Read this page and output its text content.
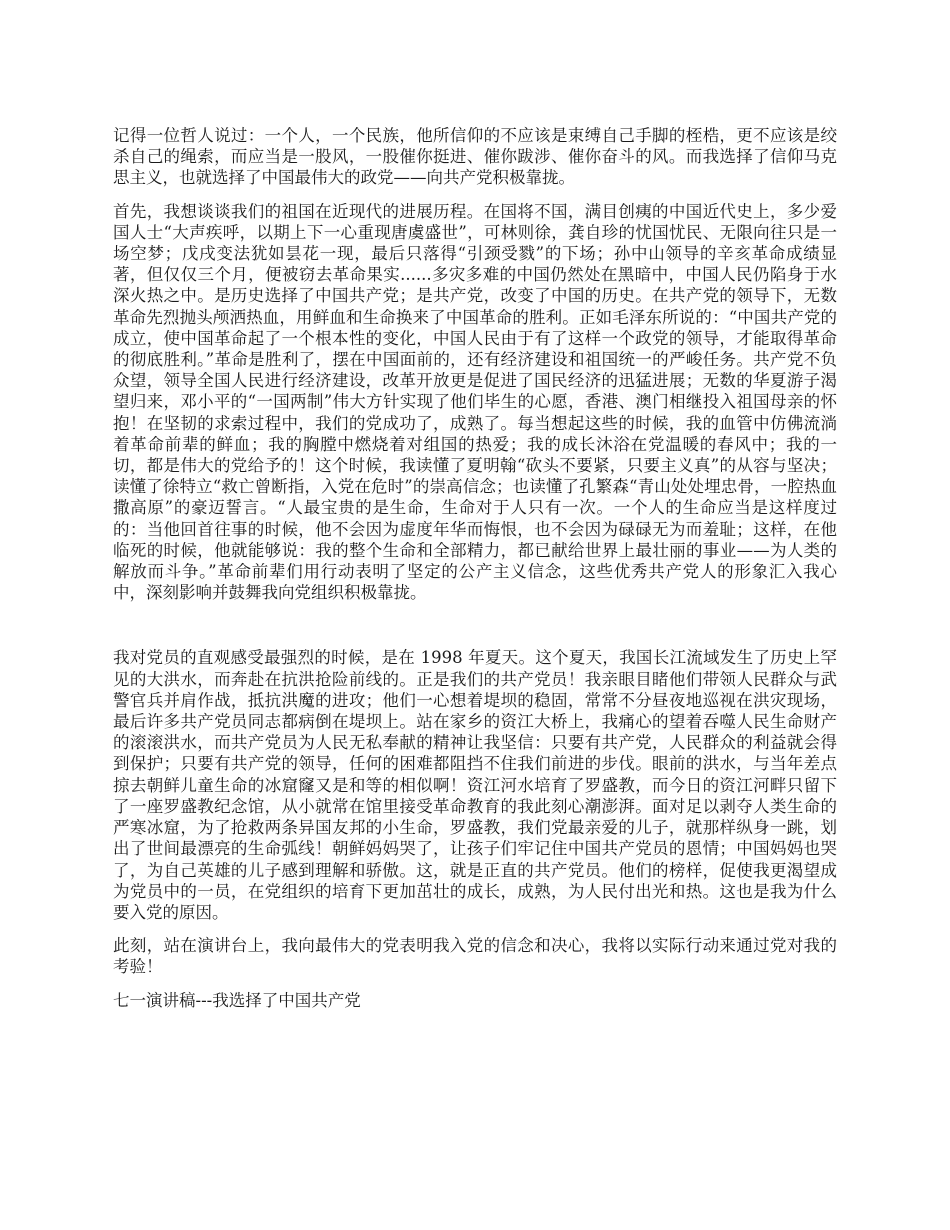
记得一位哲人说过：一个人，一个民族，他所信仰的不应该是束缚自己手脚的桎梏，更不应该是绞杀自己的绳索，而应当是一股风，一股催你挺进、催你跋涉、催你奋斗的风。而我选择了信仰马克思主义，也就选择了中国最伟大的政党——向共产党积极靠拢。

首先，我想谈谈我们的祖国在近现代的进展历程。在国将不国，满目创痍的中国近代史上，多少爱国人士“大声疾呼，以期上下一心重现唐虞盛世”，可林则徐，龚自珍的忧国忧民、无限向往只是一场空梦；戊戌变法犹如昙花一现，最后只落得“引颈受戮”的下场；孙中山领导的辛亥革命成绩显著，但仅仅三个月，便被窃去革命果实......多灾多难的中国仍然处在黑暗中，中国人民仍陷身于水深火热之中。是历史选择了中国共产党；是共产党，改变了中国的历史。在共产党的领导下，无数革命先烈抛头颅洒热血，用鲜血和生命换来了中国革命的胜利。正如毛泽东所说的：“中国共产党的成立，使中国革命起了一个根本性的变化，中国人民由于有了这样一个政党的领导，才能取得革命的彻底胜利。”革命是胜利了，摆在中国面前的，还有经济建设和祖国统一的严峻任务。共产党不负众望，领导全国人民进行经济建设，改革开放更是促进了国民经济的迅猛进展；无数的华夏游子渴望归来，邓小平的“一国两制”伟大方针实现了他们毕生的心愿，香港、澳门相继投入祖国母亲的怀抱！在坚韧的求索过程中，我们的党成功了，成熟了。每当想起这些的时候，我的血管中仿佛流淌着革命前辈的鲜血；我的胸膛中燃烧着对组国的热爱；我的成长沐浴在党温暖的春风中；我的一切，都是伟大的党给予的！这个时候，我读懂了夏明翰“砍头不要紧，只要主义真”的从容与坚决；读懂了徐特立“救亡曾断指，入党在危时”的崇高信念；也读懂了孔繁森“青山处处埋忠骨，一腔热血撒高原”的豪迈誓言。“人最宝贵的是生命，生命对于人只有一次。一个人的生命应当是这样度过的：当他回首往事的时候，他不会因为虚度年华而悔恨，也不会因为碌碌无为而羞耻；这样，在他临死的时候，他就能够说：我的整个生命和全部精力，都已献给世界上最壮丽的事业——为人类的解放而斗争。”革命前辈们用行动表明了坚定的公产主义信念，这些优秀共产党人的形象汇入我心中，深刻影响并鼓舞我向党组织积极靠拢。

我对党员的直观感受最强烈的时候，是在 1998 年夏天。这个夏天，我国长江流域发生了历史上罕见的大洪水，而奔赴在抗洪抢险前线的。正是我们的共产党员！我亲眼目睹他们带领人民群众与武警官兵并肩作战，抵抗洪魔的进攻；他们一心想着堤坝的稳固，常常不分昼夜地巡视在洪灾现场，最后许多共产党员同志都病倒在堤坝上。站在家乡的资江大桥上，我痛心的望着吞噬人民生命财产的滚滚洪水，而共产党员为人民无私奉献的精神让我坚信：只要有共产党，人民群众的利益就会得到保护；只要有共产党的领导，任何的困难都阻挡不住我们前进的步伐。眼前的洪水，与当年差点掠去朝鲜儿童生命的冰窟窿又是和等的相似啊！资江河水培育了罗盛教，而今日的资江河畔只留下了一座罗盛教纪念馆，从小就常在馆里接受革命教育的我此刻心潮澎湃。面对足以剥夺人类生命的严寒冰窟，为了抢救两条异国友邦的小生命，罗盛教，我们党最亲爱的儿子，就那样纵身一跳，划出了世间最漂亮的生命弧线！朝鲜妈妈哭了，让孩子们牢记住中国共产党员的恩情；中国妈妈也哭了，为自己英雄的儿子感到理解和骄傲。这，就是正直的共产党员。他们的榜样，促使我更渴望成为党员中的一员，在党组织的培育下更加茁壮的成长，成熟，为人民付出光和热。这也是我为什么要入党的原因。

此刻，站在演讲台上，我向最伟大的党表明我入党的信念和决心，我将以实际行动来通过党对我的考验！

七一演讲稿---我选择了中国共产党
